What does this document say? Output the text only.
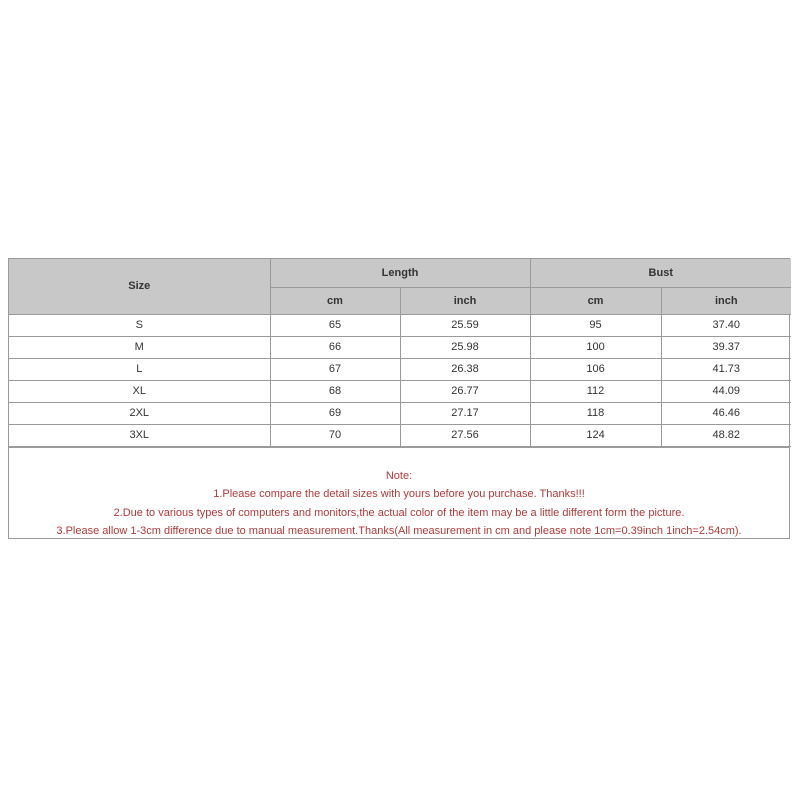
Size	Length		Bust	
	cm	inch	cm	inch
S	65	25.59	95	37.40
M	66	25.98	100	39.37
L	67	26.38	106	41.73
XL	68	26.77	112	44.09
2XL	69	27.17	118	46.46
3XL	70	27.56	124	48.82
Note:
1.Please compare the detail sizes with yours before you purchase. Thanks!!!
2.Due to various types of computers and monitors,the actual color of the item may be a little different form the picture.
3.Please allow 1-3cm difference due to manual measurement.Thanks(All measurement in cm and please note 1cm=0.39inch 1inch=2.54cm).
